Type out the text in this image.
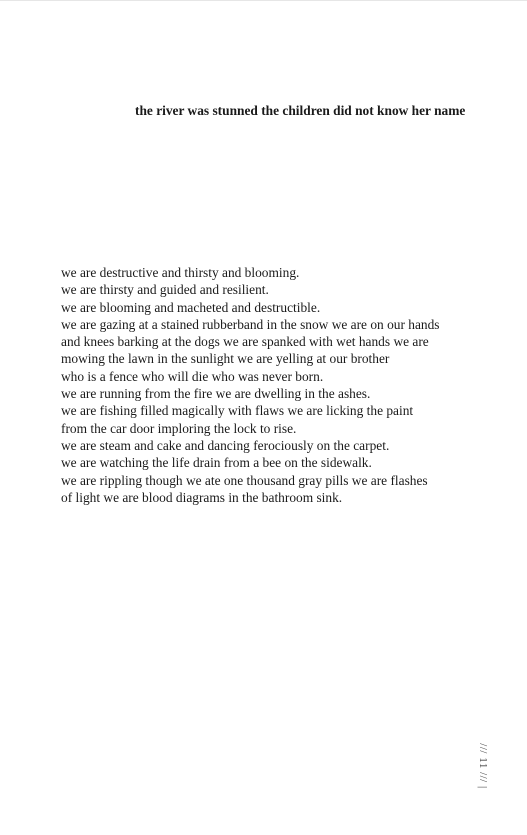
the river was stunned the children did not know her name

we are destructive and thirsty and blooming.

we are thirsty and guided and resilient.

we are blooming and macheted and destructible.

we are gazing at a stained rubberband in the snow we are on our hands
and knees barking at the dogs we are spanked with wet hands we are
mowing the lawn in the sunlight we are yelling at our brother
who is a fence who will die who was never born.

we are running from the fire we are dwelling in the ashes.

we are fishing filled magically with flaws we are licking the paint
from the car door imploring the lock to rise.

we are steam and cake and dancing ferociously on the carpet.

we are watching the life drain from a bee on the sidewalk.

we are rippling though we ate one thousand gray pills we are flashes
of light we are blood diagrams in the bathroom sink.

/// 11 /// |
